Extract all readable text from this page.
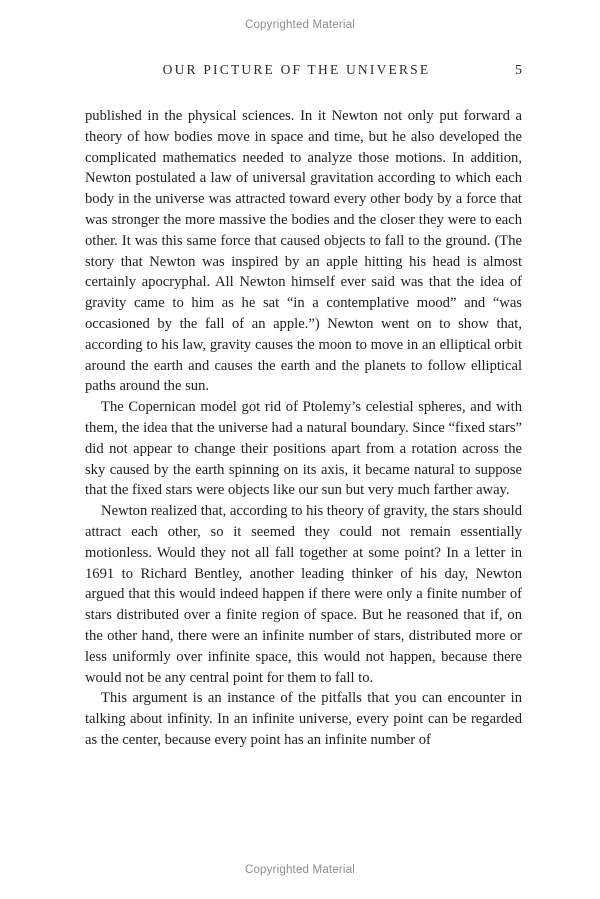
Copyrighted Material
OUR PICTURE OF THE UNIVERSE	5

published in the physical sciences. In it Newton not only put forward a theory of how bodies move in space and time, but he also developed the complicated mathematics needed to analyze those motions. In addition, Newton postulated a law of universal gravitation according to which each body in the universe was attracted toward every other body by a force that was stronger the more massive the bodies and the closer they were to each other. It was this same force that caused objects to fall to the ground. (The story that Newton was inspired by an apple hitting his head is almost certainly apocryphal. All Newton himself ever said was that the idea of gravity came to him as he sat “in a contemplative mood” and “was occasioned by the fall of an apple.”) Newton went on to show that, according to his law, gravity causes the moon to move in an elliptical orbit around the earth and causes the earth and the planets to follow elliptical paths around the sun.

The Copernican model got rid of Ptolemy’s celestial spheres, and with them, the idea that the universe had a natural boundary. Since “fixed stars” did not appear to change their positions apart from a rotation across the sky caused by the earth spinning on its axis, it became natural to suppose that the fixed stars were objects like our sun but very much farther away.

Newton realized that, according to his theory of gravity, the stars should attract each other, so it seemed they could not remain essentially motionless. Would they not all fall together at some point? In a letter in 1691 to Richard Bentley, another leading thinker of his day, Newton argued that this would indeed happen if there were only a finite number of stars distributed over a finite region of space. But he reasoned that if, on the other hand, there were an infinite number of stars, distributed more or less uniformly over infinite space, this would not happen, because there would not be any central point for them to fall to.

This argument is an instance of the pitfalls that you can encounter in talking about infinity. In an infinite universe, every point can be regarded as the center, because every point has an infinite number of

Copyrighted Material
